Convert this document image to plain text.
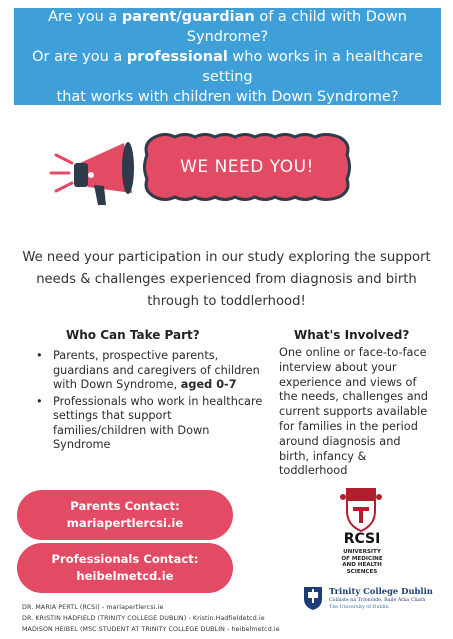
Are you a parent/guardian of a child with Down Syndrome?
Or are you a professional who works in a healthcare setting
that works with children with Down Syndrome?
WE NEED YOU!
We need your participation in our study exploring the support needs & challenges experienced from diagnosis and birth through to toddlerhood!
Who Can Take Part?	What's Involved?
• Parents, prospective parents, guardians and caregivers of children with Down Syndrome, aged 0-7
• Professionals who work in healthcare settings that support families/children with Down Syndrome
One online or face-to-face interview about your experience and views of the needs, challenges and current supports available for families in the period around diagnosis and birth, infancy & toddlerhood
Parents Contact:
mariapertlercsi.ie
Professionals Contact:
heibelmetcd.ie
DR. MARIA PERTL (RCSI) - mariapertlercsi.ie
DR. KRISTIN HADFIELD (TRINITY COLLEGE DUBLIN) - Kristin.Hadfieldetcd.ie
MADISON HEIBEL (MSC STUDENT AT TRINITY COLLEGE DUBLIN - heibelmetcd.ie
RCSI
UNIVERSITY
OF MEDICINE
AND HEALTH
SCIENCES
Trinity College Dublin
Coláiste na Tríonóide, Baile Átha Cliath
The University of Dublin
